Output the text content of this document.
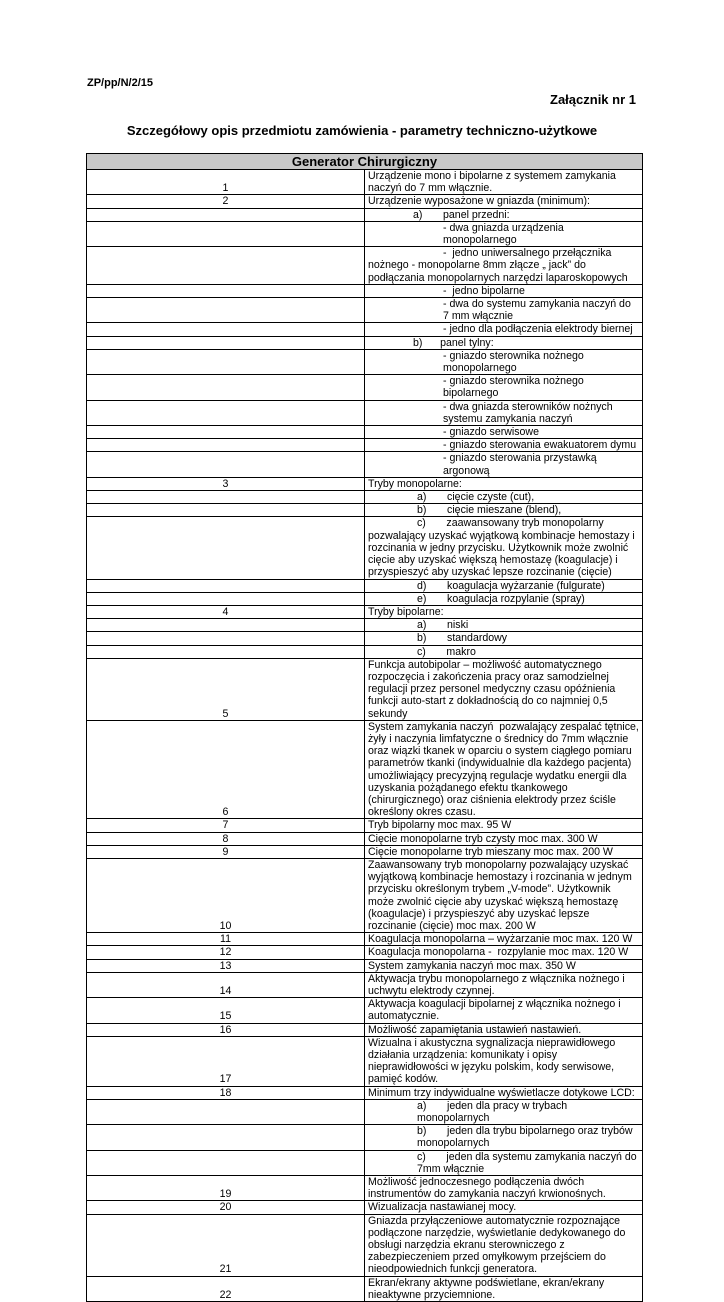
ZP/pp/N/2/15
Załącznik nr 1
Szczegółowy opis przedmiotu zamówienia - parametry techniczno-użytkowe
Generator Chirurgiczny	
1	Urządzenie mono i bipolarne z systemem zamykania naczyń do 7 mm włącznie.
2	Urządzenie wyposażone w gniazda (minimum):
	a)       panel przedni:
	- dwa gniazda urządzenia monopolarnego
	-  jedno uniwersalnego przełącznika nożnego - monopolarne 8mm złącze „ jack” do podłączania monopolarnych narzędzi laparoskopowych
	-  jedno bipolarne
	- dwa do systemu zamykania naczyń do 7 mm włącznie
	- jedno dla podłączenia elektrody biernej
	b)      panel tylny:
	- gniazdo sterownika nożnego monopolarnego
	- gniazdo sterownika nożnego bipolarnego
	- dwa gniazda sterowników nożnych systemu zamykania naczyń
	- gniazdo serwisowe
	- gniazdo sterowania ewakuatorem dymu
	- gniazdo sterowania przystawką argonową
3	Tryby monopolarne:
	a)       cięcie czyste (cut),
	b)       cięcie mieszane (blend),
	c)       zaawansowany tryb monopolarny pozwalający uzyskać wyjątkową kombinacje hemostazy i rozcinania w jedny przycisku. Użytkownik może zwolnić cięcie aby uzyskać większą hemostazę (koagulacje) i przyspieszyć aby uzyskać lepsze rozcinanie (cięcie)
	d)       koagulacja wyżarzanie (fulgurate)
	e)       koagulacja rozpylanie (spray)
4	Tryby bipolarne:
	a)       niski
	b)       standardowy
	c)       makro
5	Funkcja autobipolar – możliwość automatycznego rozpoczęcia i zakończenia pracy oraz samodzielnej regulacji przez personel medyczny czasu opóźnienia funkcji auto-start z dokładnością do co najmniej 0,5 sekundy
6	System zamykania naczyń  pozwalający zespalać tętnice, żyły i naczynia limfatyczne o średnicy do 7mm włącznie oraz wiązki tkanek w oparciu o system ciągłego pomiaru parametrów tkanki (indywidualnie dla każdego pacjenta) umożliwiający precyzyjną regulacje wydatku energii dla uzyskania pożądanego efektu tkankowego (chirurgicznego) oraz ciśnienia elektrody przez ściśle określony okres czasu.
7	Tryb bipolarny moc max. 95 W
8	Cięcie monopolarne tryb czysty moc max. 300 W
9	Cięcie monopolarne tryb mieszany moc max. 200 W
10	Zaawansowany tryb monopolarny pozwalający uzyskać wyjątkową kombinacje hemostazy i rozcinania w jednym przycisku określonym trybem „V-mode”. Użytkownik może zwolnić cięcie aby uzyskać większą hemostazę (koagulacje) i przyspieszyć aby uzyskać lepsze rozcinanie (cięcie) moc max. 200 W
11	Koagulacja monopolarna – wyżarzanie moc max. 120 W
12	Koagulacja monopolarna -  rozpylanie moc max. 120 W
13	System zamykania naczyń moc max. 350 W
14	Aktywacja trybu monopolarnego z włącznika nożnego i uchwytu elektrody czynnej.
15	Aktywacja koagulacji bipolarnej z włącznika nożnego i automatycznie.
16	Możliwość zapamiętania ustawień nastawień.
17	Wizualna i akustyczna sygnalizacja nieprawidłowego działania urządzenia: komunikaty i opisy nieprawidłowości w języku polskim, kody serwisowe, pamięć kodów.
18	Minimum trzy indywidualne wyświetlacze dotykowe LCD:
	a)       jeden dla pracy w trybach monopolarnych
	b)       jeden dla trybu bipolarnego oraz trybów monopolarnych
	c)       jeden dla systemu zamykania naczyń do 7mm włącznie
19	Możliwość jednoczesnego podłączenia dwóch instrumentów do zamykania naczyń krwionośnych.
20	Wizualizacja nastawianej mocy.
21	Gniazda przyłączeniowe automatycznie rozpoznające podłączone narzędzie, wyświetlanie dedykowanego do obsługi narzędzia ekranu sterowniczego z zabezpieczeniem przed omyłkowym przejściem do nieodpowiednich funkcji generatora.
22	Ekran/ekrany aktywne podświetlane, ekran/ekrany nieaktywne przyciemnione.
